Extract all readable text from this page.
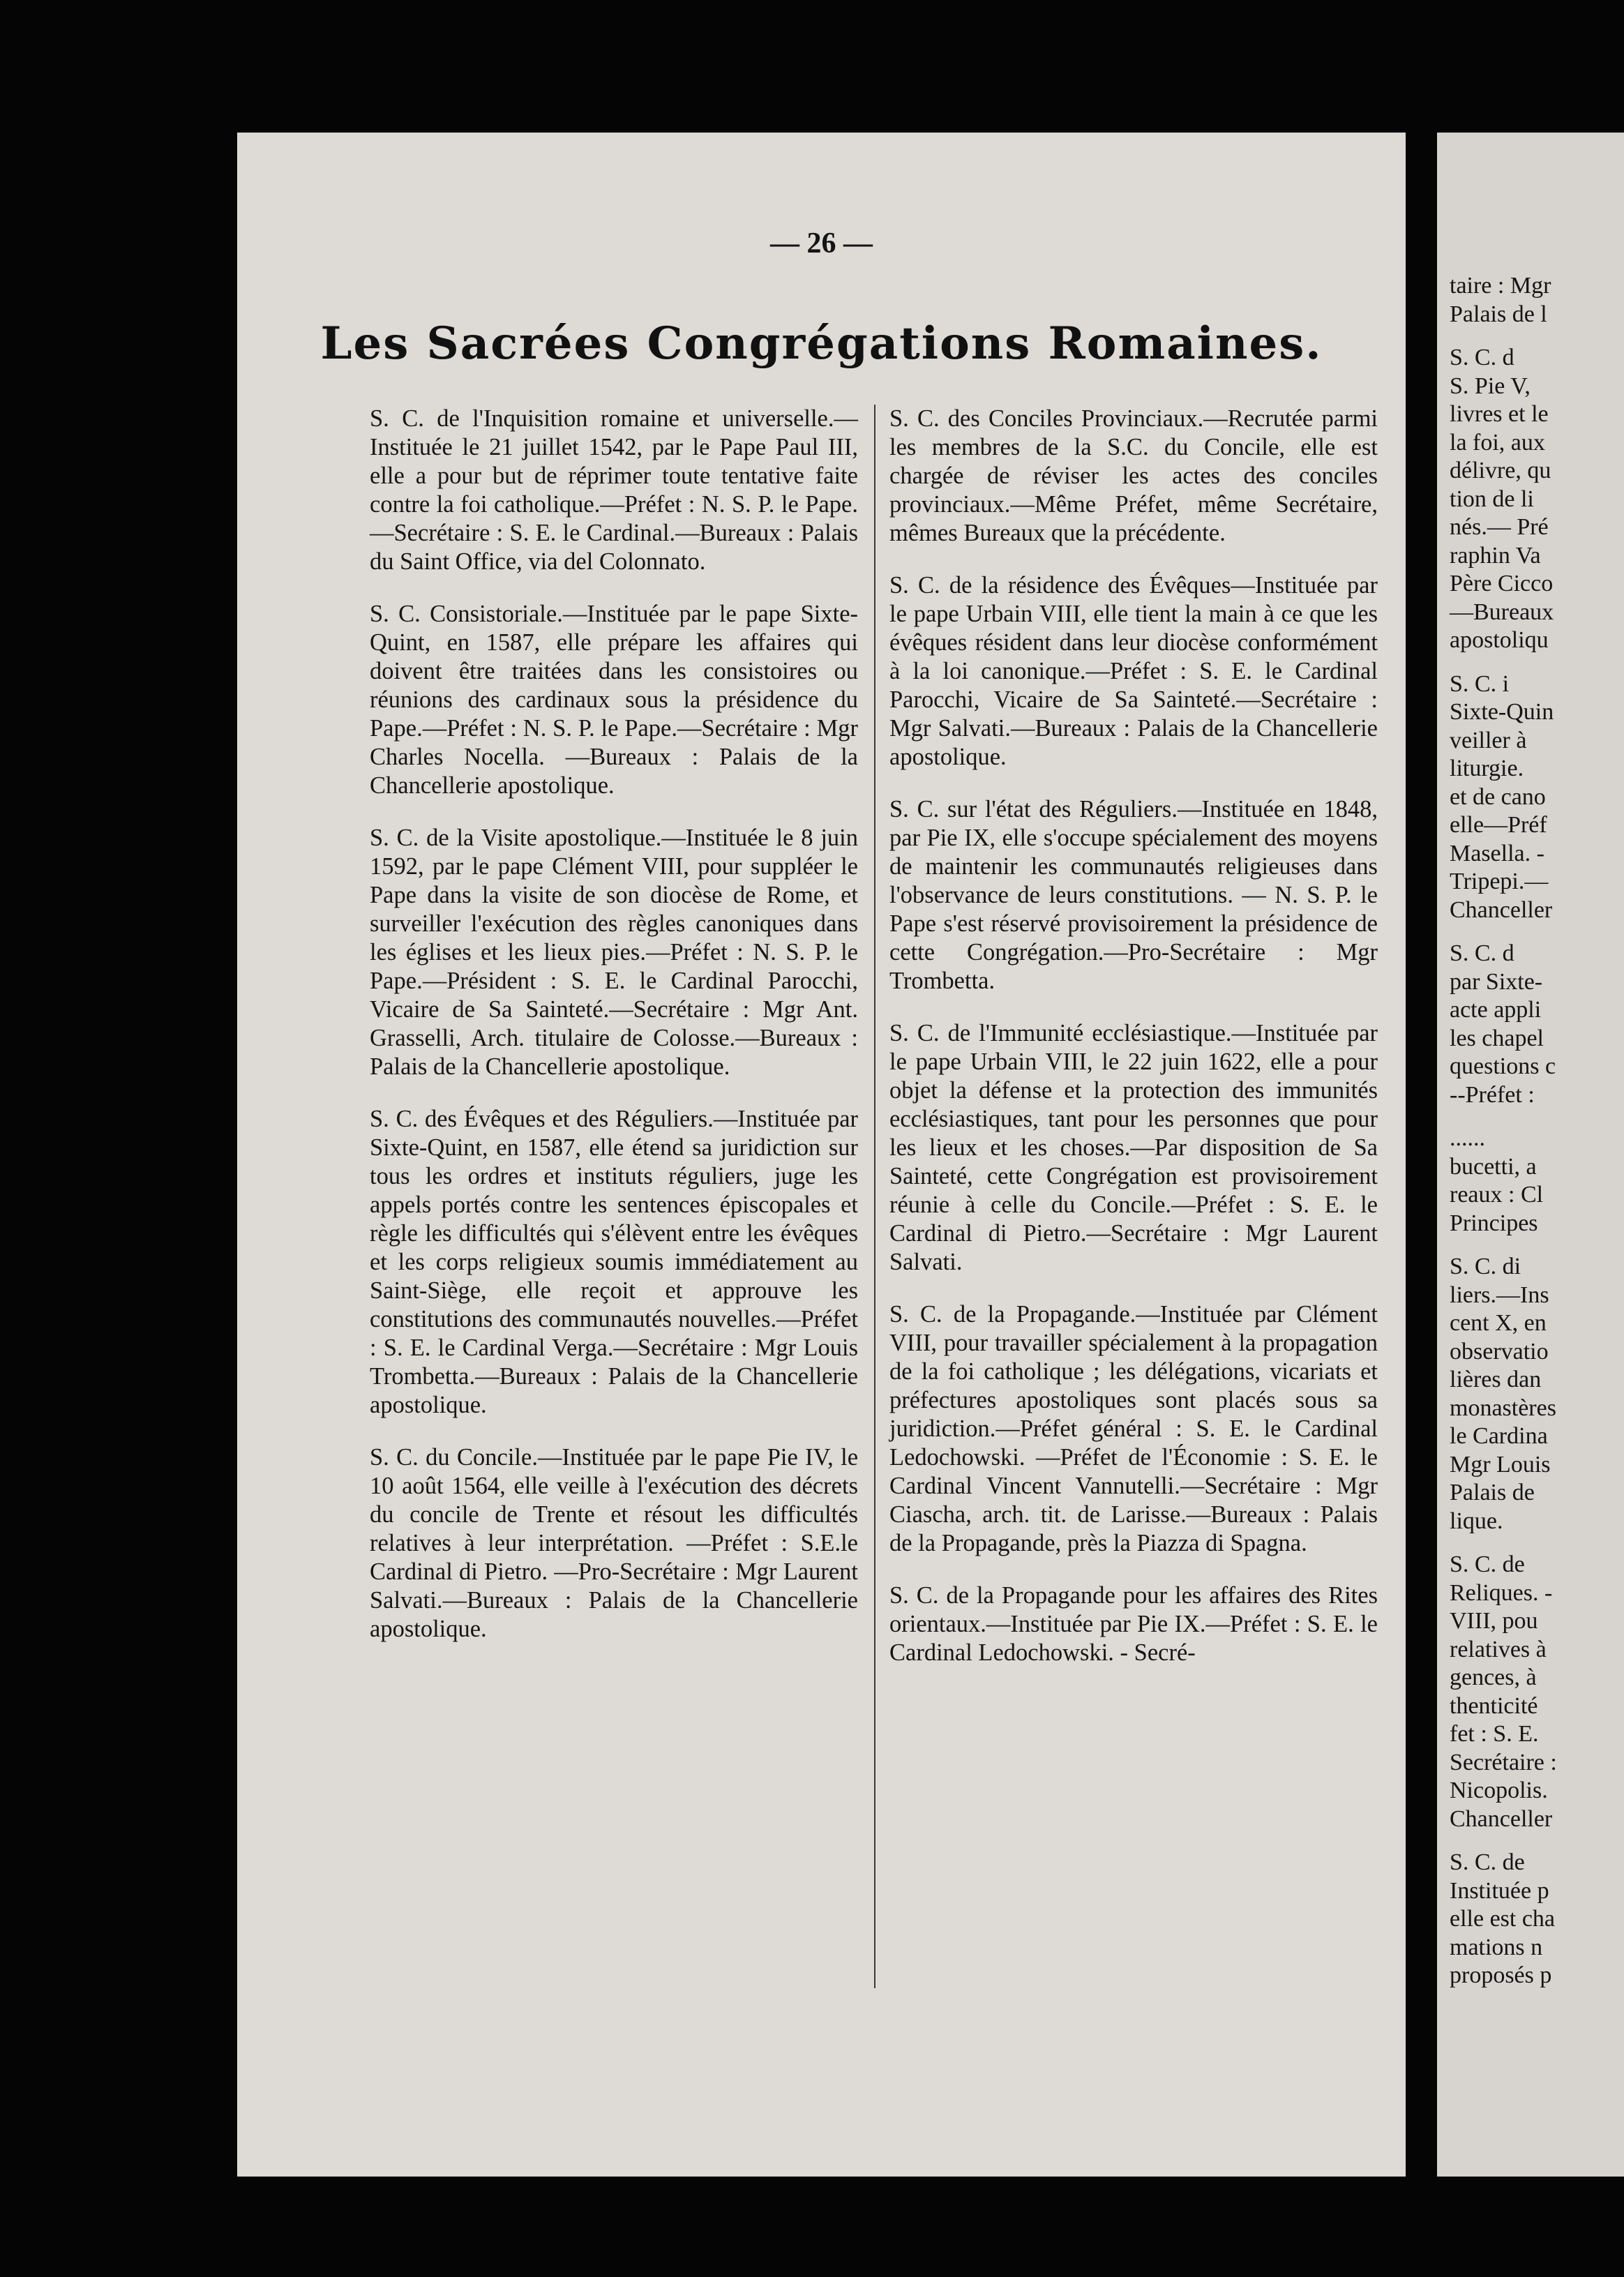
— 26 —
Les Sacrées Congrégations Romaines.

S. C. de l'Inquisition romaine et universelle.—Instituée le 21 juillet 1542, par le Pape Paul III, elle a pour but de réprimer toute tentative faite contre la foi catholique.—Préfet : N. S. P. le Pape.—Secrétaire : S. E. le Cardinal.—Bureaux : Palais du Saint Office, via del Colonnato.

S. C. Consistoriale.—Instituée par le pape Sixte-Quint, en 1587, elle prépare les affaires qui doivent être traitées dans les consistoires ou réunions des cardinaux sous la présidence du Pape.—Préfet : N. S. P. le Pape.—Secrétaire : Mgr Charles Nocella. —Bureaux : Palais de la Chancellerie apostolique.

S. C. de la Visite apostolique.—Instituée le 8 juin 1592, par le pape Clément VIII, pour suppléer le Pape dans la visite de son diocèse de Rome, et surveiller l'exécution des règles canoniques dans les églises et les lieux pies.—Préfet : N. S. P. le Pape.—Président : S. E. le Cardinal Parocchi, Vicaire de Sa Sainteté.—Secrétaire : Mgr Ant. Grasselli, Arch. titulaire de Colosse.—Bureaux : Palais de la Chancellerie apostolique.

S. C. des Évêques et des Réguliers.—Instituée par Sixte-Quint, en 1587, elle étend sa juridiction sur tous les ordres et instituts réguliers, juge les appels portés contre les sentences épiscopales et règle les difficultés qui s'élèvent entre les évêques et les corps religieux soumis immédiatement au Saint-Siège, elle reçoit et approuve les constitutions des communautés nouvelles.—Préfet : S. E. le Cardinal Verga.—Secrétaire : Mgr Louis Trombetta.—Bureaux : Palais de la Chancellerie apostolique.

S. C. du Concile.—Instituée par le pape Pie IV, le 10 août 1564, elle veille à l'exécution des décrets du concile de Trente et résout les difficultés relatives à leur interprétation. —Préfet : S.E.le Cardinal di Pietro. —Pro-Secrétaire : Mgr Laurent Salvati.—Bureaux : Palais de la Chancellerie apostolique.

S. C. des Conciles Provinciaux.—Recrutée parmi les membres de la S.C. du Concile, elle est chargée de réviser les actes des conciles provinciaux.—Même Préfet, même Secrétaire, mêmes Bureaux que la précédente.

S. C. de la résidence des Évêques—Instituée par le pape Urbain VIII, elle tient la main à ce que les évêques résident dans leur diocèse conformément à la loi canonique.—Préfet : S. E. le Cardinal Parocchi, Vicaire de Sa Sainteté.—Secrétaire : Mgr Salvati.—Bureaux : Palais de la Chancellerie apostolique.

S. C. sur l'état des Réguliers.—Instituée en 1848, par Pie IX, elle s'occupe spécialement des moyens de maintenir les communautés religieuses dans l'observance de leurs constitutions. — N. S. P. le Pape s'est réservé provisoirement la présidence de cette Congrégation.—Pro-Secrétaire : Mgr Trombetta.

S. C. de l'Immunité ecclésiastique.—Instituée par le pape Urbain VIII, le 22 juin 1622, elle a pour objet la défense et la protection des immunités ecclésiastiques, tant pour les personnes que pour les lieux et les choses.—Par disposition de Sa Sainteté, cette Congrégation est provisoirement réunie à celle du Concile.—Préfet : S. E. le Cardinal di Pietro.—Secrétaire : Mgr Laurent Salvati.

S. C. de la Propagande.—Instituée par Clément VIII, pour travailler spécialement à la propagation de la foi catholique ; les délégations, vicariats et préfectures apostoliques sont placés sous sa juridiction.—Préfet général : S. E. le Cardinal Ledochowski. —Préfet de l'Économie : S. E. le Cardinal Vincent Vannutelli.—Secrétaire : Mgr Ciascha, arch. tit. de Larisse.—Bureaux : Palais de la Propagande, près la Piazza di Spagna.

S. C. de la Propagande pour les affaires des Rites orientaux.—Instituée par Pie IX.—Préfet : S. E. le Cardinal Ledochowski. - Secré-

taire : Mgr
Palais de l

S. C. d
S. Pie V,
livres et le
la foi, aux
délivre, qu
tion de li
nés.— Pré
raphin Va
Père Cicco
—Bureaux
apostoliqu

S. C. i
Sixte-Quin
veiller à
liturgie.
et de cano
elle—Préf
Masella. -
Tripepi.—
Chanceller

S. C. d
par Sixte-
acte appli
les chapel
questions c
--Préfet :

......
bucetti, a
reaux : Cl
Principes

S. C. di
liers.—Ins
cent X, en
observatio
lières dan
monastères
le Cardina
Mgr Louis
Palais de
lique.

S. C. de
Reliques. -
VIII, pou
relatives à
gences, à
thenticité
fet : S. E.
Secrétaire :
Nicopolis.
Chanceller

S. C. de
Instituée p
elle est cha
mations n
proposés p
